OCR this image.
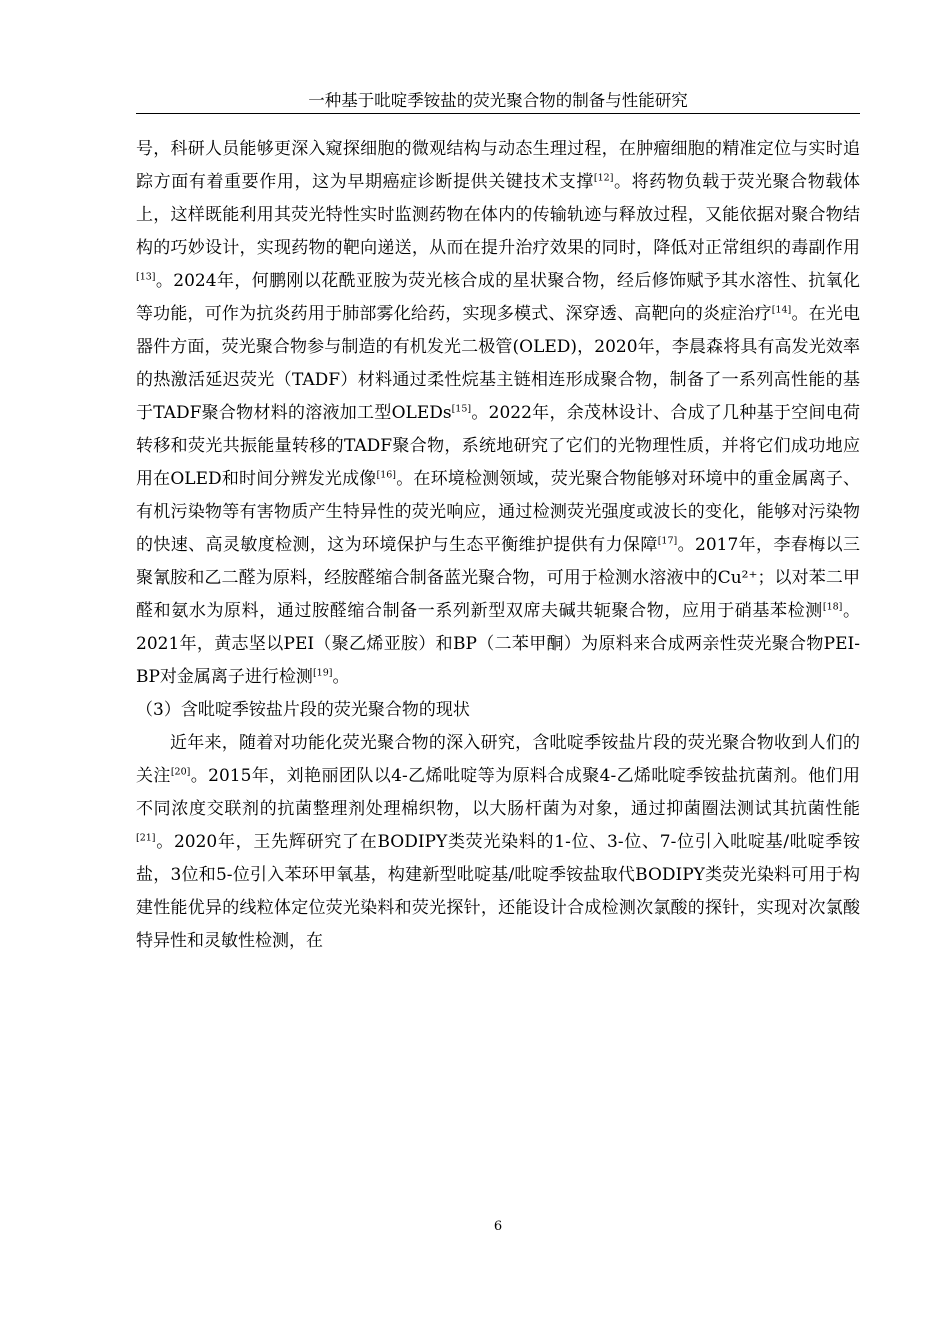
一种基于吡啶季铵盐的荧光聚合物的制备与性能研究

号，科研人员能够更深入窥探细胞的微观结构与动态生理过程，在肿瘤细胞的精准定位与实时追踪方面有着重要作用，这为早期癌症诊断提供关键技术支撑[12]。将药物负载于荧光聚合物载体上，这样既能利用其荧光特性实时监测药物在体内的传输轨迹与释放过程，又能依据对聚合物结构的巧妙设计，实现药物的靶向递送，从而在提升治疗效果的同时，降低对正常组织的毒副作用[13]。2024年，何鹏刚以花酰亚胺为荧光核合成的星状聚合物，经后修饰赋予其水溶性、抗氧化等功能，可作为抗炎药用于肺部雾化给药，实现多模式、深穿透、高靶向的炎症治疗[14]。在光电器件方面，荧光聚合物参与制造的有机发光二极管(OLED)，2020年，李晨森将具有高发光效率的热激活延迟荧光（TADF）材料通过柔性烷基主链相连形成聚合物，制备了一系列高性能的基于TADF聚合物材料的溶液加工型OLEDs[15]。2022年，余茂林设计、合成了几种基于空间电荷转移和荧光共振能量转移的TADF聚合物，系统地研究了它们的光物理性质，并将它们成功地应用在OLED和时间分辨发光成像[16]。在环境检测领域，荧光聚合物能够对环境中的重金属离子、有机污染物等有害物质产生特异性的荧光响应，通过检测荧光强度或波长的变化，能够对污染物的快速、高灵敏度检测，这为环境保护与生态平衡维护提供有力保障[17]。2017年，李春梅以三聚氰胺和乙二醛为原料，经胺醛缩合制备蓝光聚合物，可用于检测水溶液中的Cu²⁺；以对苯二甲醛和氨水为原料，通过胺醛缩合制备一系列新型双席夫碱共轭聚合物，应用于硝基苯检测[18]。2021年，黄志坚以PEI（聚乙烯亚胺）和BP（二苯甲酮）为原料来合成两亲性荧光聚合物PEI-BP对金属离子进行检测[19]。

（3）含吡啶季铵盐片段的荧光聚合物的现状

近年来，随着对功能化荧光聚合物的深入研究，含吡啶季铵盐片段的荧光聚合物收到人们的关注[20]。2015年，刘艳丽团队以4-乙烯吡啶等为原料合成聚4-乙烯吡啶季铵盐抗菌剂。他们用不同浓度交联剂的抗菌整理剂处理棉织物，以大肠杆菌为对象，通过抑菌圈法测试其抗菌性能[21]。2020年，王先辉研究了在BODIPY类荧光染料的1-位、3-位、7-位引入吡啶基/吡啶季铵盐，3位和5-位引入苯环甲氧基，构建新型吡啶基/吡啶季铵盐取代BODIPY类荧光染料可用于构建性能优异的线粒体定位荧光染料和荧光探针，还能设计合成检测次氯酸的探针，实现对次氯酸特异性和灵敏性检测，在

6
